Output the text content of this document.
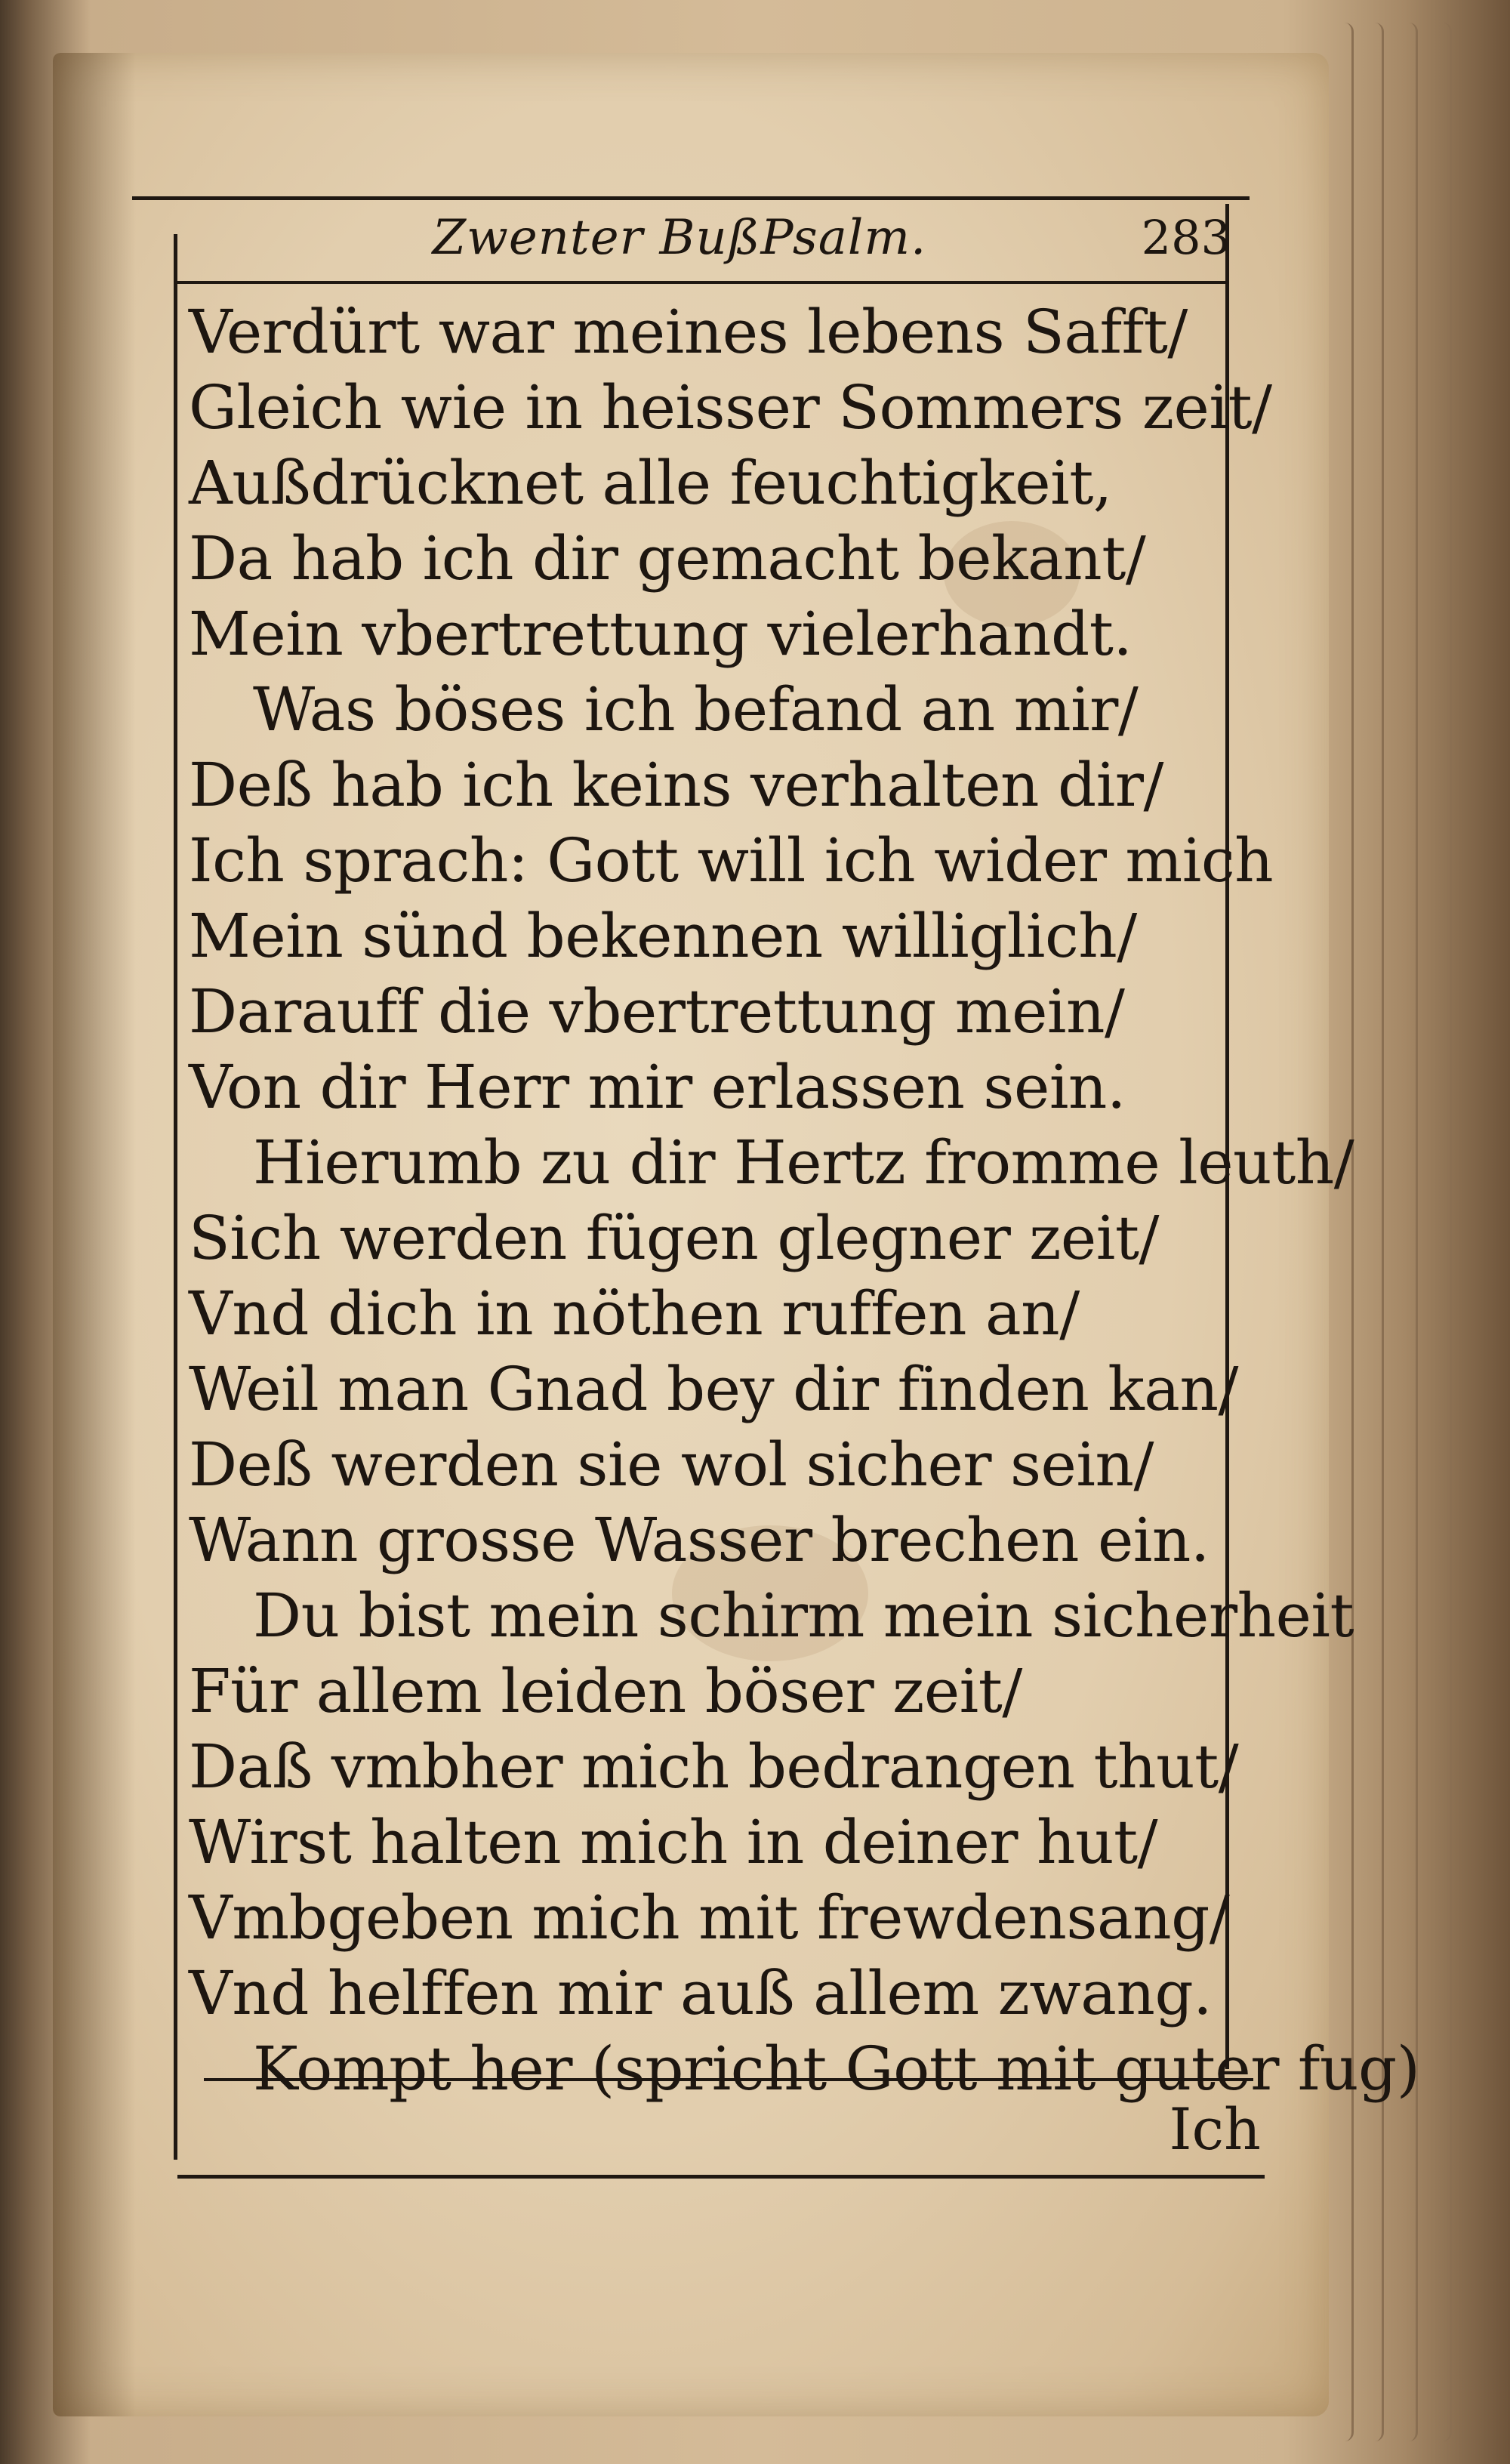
Zwenter BußPsalm.	283
Verdürt war meines lebens Safft/
Gleich wie in heisser Sommers zeit/
Außdrücknet alle feuchtigkeit,
Da hab ich dir gemacht bekant/
Mein vbertrettung vielerhandt.
Was böses ich befand an mir/
Deß hab ich keins verhalten dir/
Ich sprach: Gott will ich wider mich
Mein sünd bekennen williglich/
Darauff die vbertrettung mein/
Von dir Herr mir erlassen sein.
Hierumb zu dir Hertz fromme leuth/
Sich werden fügen glegner zeit/
Vnd dich in nöthen ruffen an/
Weil man Gnad bey dir finden kan/
Deß werden sie wol sicher sein/
Wann grosse Wasser brechen ein.
Du bist mein schirm mein sicherheit
Für allem leiden böser zeit/
Daß vmbher mich bedrangen thut/
Wirst halten mich in deiner hut/
Vmbgeben mich mit frewdensang/
Vnd helffen mir auß allem zwang.
Kompt her (spricht Gott mit guter fug)
Ich
